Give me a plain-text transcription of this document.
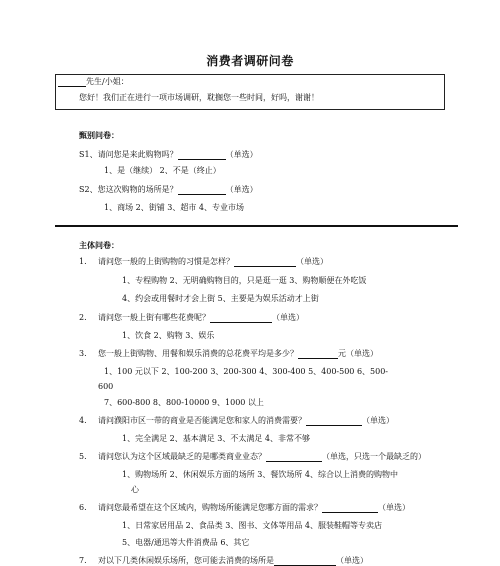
消费者调研问卷
先生/小姐：
您好！我们正在进行一项市场调研，耽搁您一些时间，好吗，谢谢！
甄别问卷：
S1、请问您是来此购物吗？	（单选）
1、是（继续） 2、不是（终止）
S2、您这次购物的场所是？	（单选）
1、商场 2、街铺 3、超市 4、专业市场
主体问卷：
1. 请问您一般的上街购物的习惯是怎样？	（单选）
1、专程购物 2、无明确购物目的，只是逛一逛 3、购物顺便在外吃饭
4、约会或用餐时才会上街 5、主要是为娱乐活动才上街
2. 请问您一般上街有哪些花费呢？	（单选）
1、饮食 2、购物 3、娱乐
3. 您一般上街购物、用餐和娱乐消费的总花费平均是多少？	元（单选）
1、100 元以下 2、100-200 3、200-300 4、300-400 5、400-500 6、500-
600
7、600-800 8、800-10000 9、1000 以上
4. 请问濮阳市区一带的商业是否能满足您和家人的消费需要？	（单选）
1、完全满足 2、基本满足 3、不太满足 4、非常不够
5. 请问您认为这个区域最缺乏的是哪类商业业态？	（单选，只选一个最缺乏的）
1、购物场所 2、休闲娱乐方面的场所 3、餐饮场所 4、综合以上消费的购物中
心
6. 请问您最希望在这个区域内，购物场所能满足您哪方面的需求？	（单选）
1、日常家居用品 2、食品类 3、图书、文体等用品 4、服装鞋帽等专卖店
5、电器/通迅等大件消费品 6、其它
7. 对以下几类休闲娱乐场所，您可能去消费的场所是	（单选）
